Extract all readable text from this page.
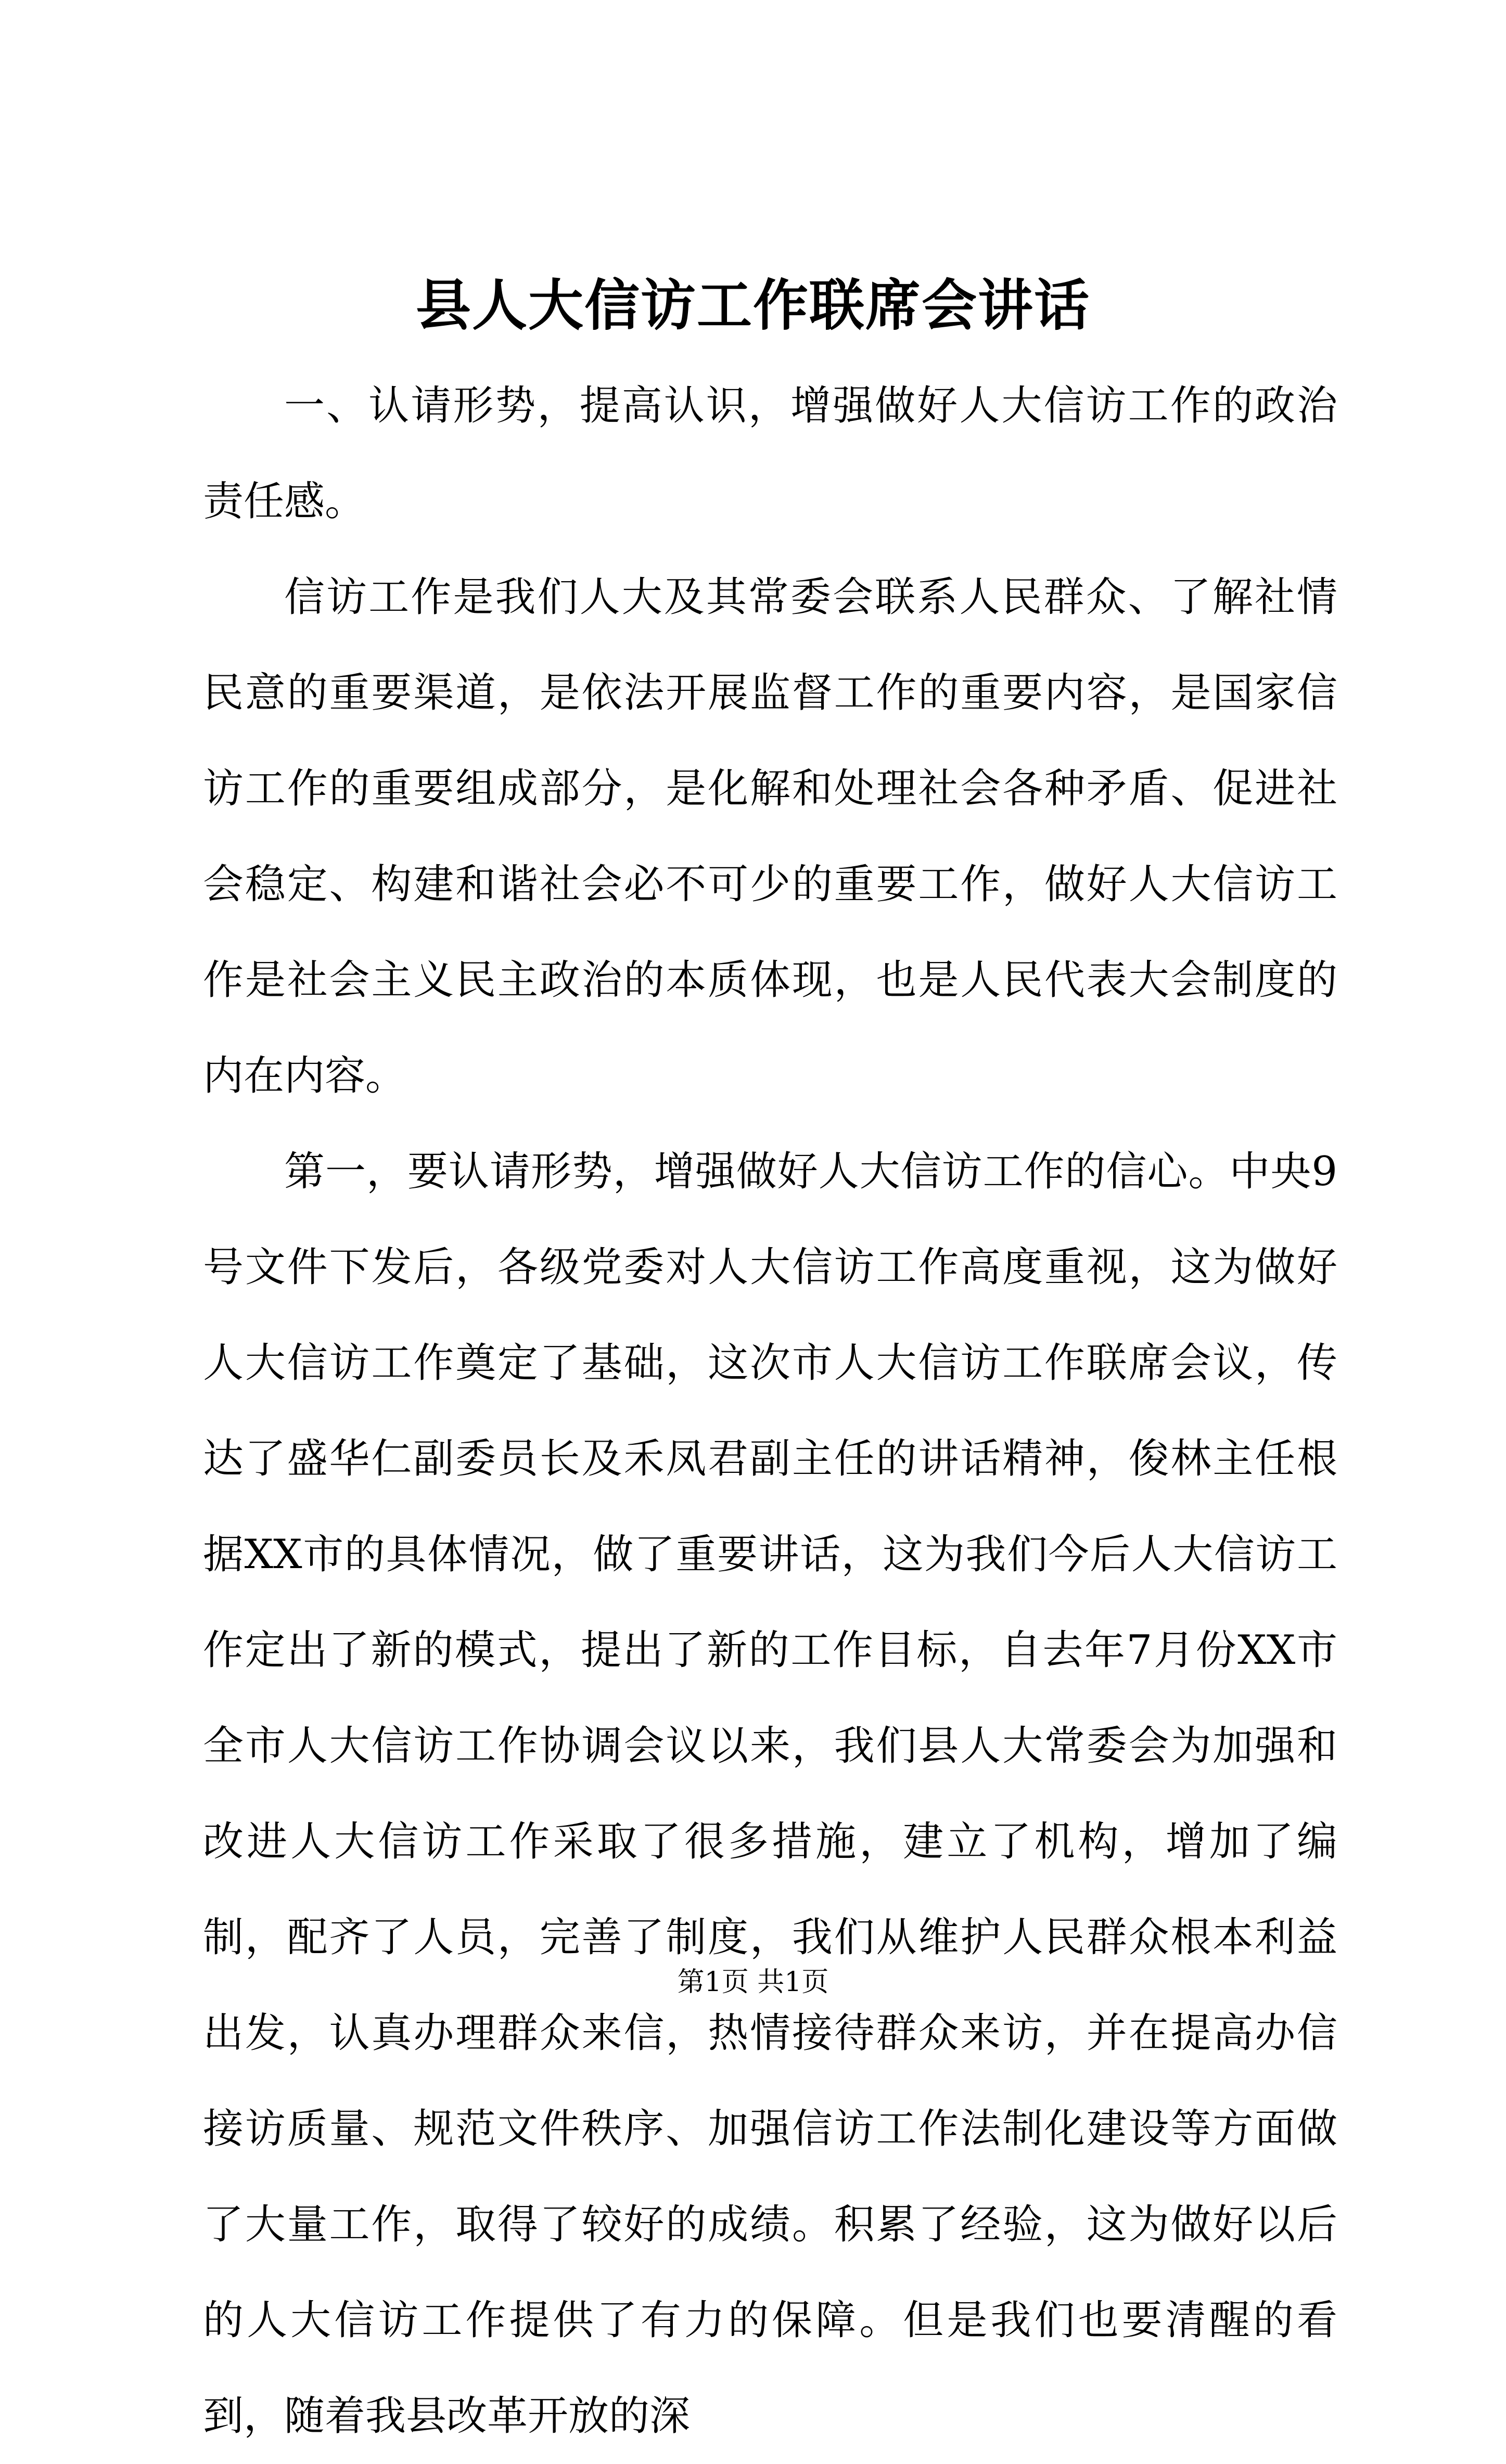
县人大信访工作联席会讲话

一、认请形势，提高认识，增强做好人大信访工作的政治责任感。

信访工作是我们人大及其常委会联系人民群众、了解社情民意的重要渠道，是依法开展监督工作的重要内容，是国家信访工作的重要组成部分，是化解和处理社会各种矛盾、促进社会稳定、构建和谐社会必不可少的重要工作，做好人大信访工作是社会主义民主政治的本质体现，也是人民代表大会制度的内在内容。

第一，要认请形势，增强做好人大信访工作的信心。中央9号文件下发后，各级党委对人大信访工作高度重视，这为做好人大信访工作奠定了基础，这次市人大信访工作联席会议，传达了盛华仁副委员长及禾凤君副主任的讲话精神，俊林主任根据XX市的具体情况，做了重要讲话，这为我们今后人大信访工作定出了新的模式，提出了新的工作目标，自去年7月份XX市全市人大信访工作协调会议以来，我们县人大常委会为加强和改进人大信访工作采取了很多措施，建立了机构，增加了编制，配齐了人员，完善了制度，我们从维护人民群众根本利益出发，认真办理群众来信，热情接待群众来访，并在提高办信接访质量、规范文件秩序、加强信访工作法制化建设等方面做了大量工作，取得了较好的成绩。积累了经验，这为做好以后的人大信访工作提供了有力的保障。但是我们也要清醒的看到，随着我县改革开放的深

第1页 共1页
